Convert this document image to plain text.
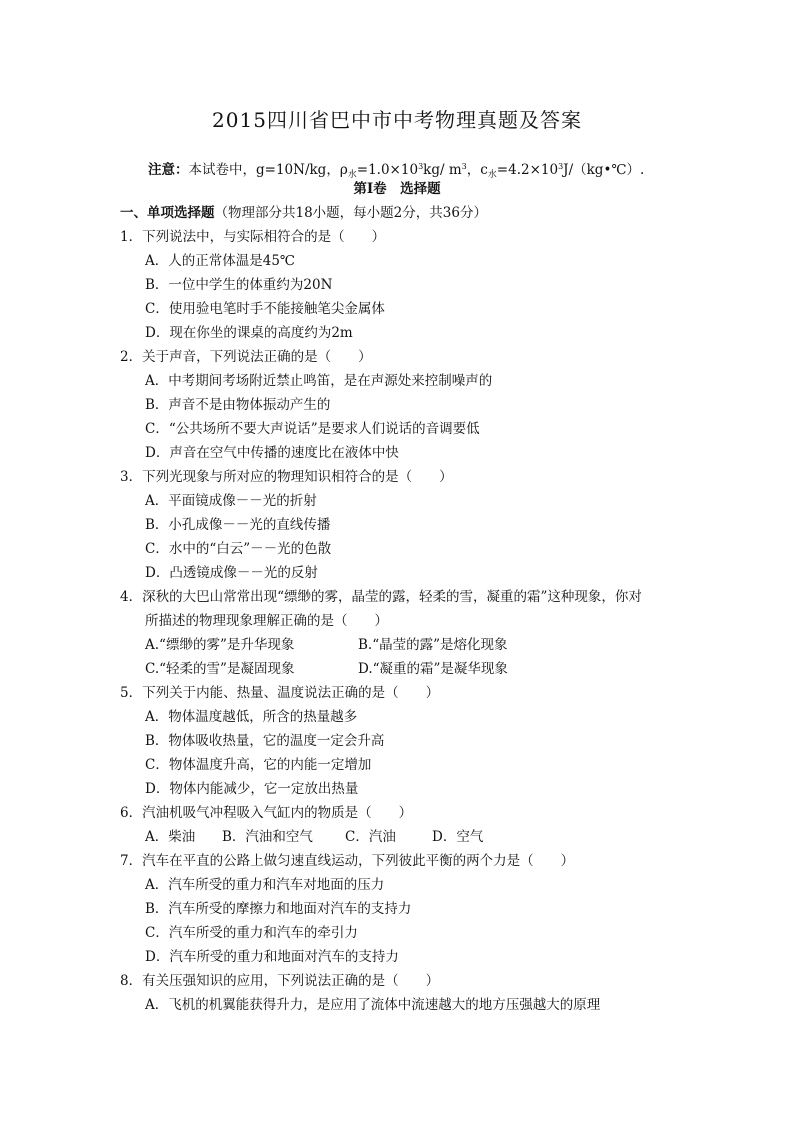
2015四川省巴中市中考物理真题及答案
注意：本试卷中，g=10N/kg，$\rho_水=1.0\times 10^3kg/$ $m^3$，$c_水=4.2\times 10^3J/(kg•℃)$.
第Ⅰ卷　选择题
一、单项选择题（物理部分共18小题，每小题2分，共36分）
1．下列说法中，与实际相符合的是（　　）
A．人的正常体温是45℃
B．一位中学生的体重约为20N
C．使用验电笔时手不能接触笔尖金属体
D．现在你坐的课桌的高度约为2m
2．关于声音，下列说法正确的是（　　）
A．中考期间考场附近禁止鸣笛，是在声源处来控制噪声的
B．声音不是由物体振动产生的
C．“公共场所不要大声说话”是要求人们说话的音调要低
D．声音在空气中传播的速度比在液体中快
3．下列光现象与所对应的物理知识相符合的是（　　）
A．平面镜成像－－光的折射
B．小孔成像－－光的直线传播
C．水中的“白云”－－光的色散
D．凸透镜成像－－光的反射
4．深秋的大巴山常常出现“缥缈的雾，晶莹的露，轻柔的雪，凝重的霜”这种现象，你对
所描述的物理现象理解正确的是（　　）
A.“缥缈的雾”是升华现象	B.“晶莹的露”是熔化现象
C.“轻柔的雪”是凝固现象	D.“凝重的霜”是凝华现象
5．下列关于内能、热量、温度说法正确的是（　　）
A．物体温度越低，所含的热量越多
B．物体吸收热量，它的温度一定会升高
C．物体温度升高，它的内能一定增加
D．物体内能减少，它一定放出热量
6．汽油机吸气冲程吸入气缸内的物质是（　　）
A．柴油 B．汽油和空气 C．汽油	D．空气
7．汽车在平直的公路上做匀速直线运动，下列彼此平衡的两个力是（　　）
A．汽车所受的重力和汽车对地面的压力
B．汽车所受的摩擦力和地面对汽车的支持力
C．汽车所受的重力和汽车的牵引力
D．汽车所受的重力和地面对汽车的支持力
8．有关压强知识的应用，下列说法正确的是（　　）
A．飞机的机翼能获得升力，是应用了流体中流速越大的地方压强越大的原理
